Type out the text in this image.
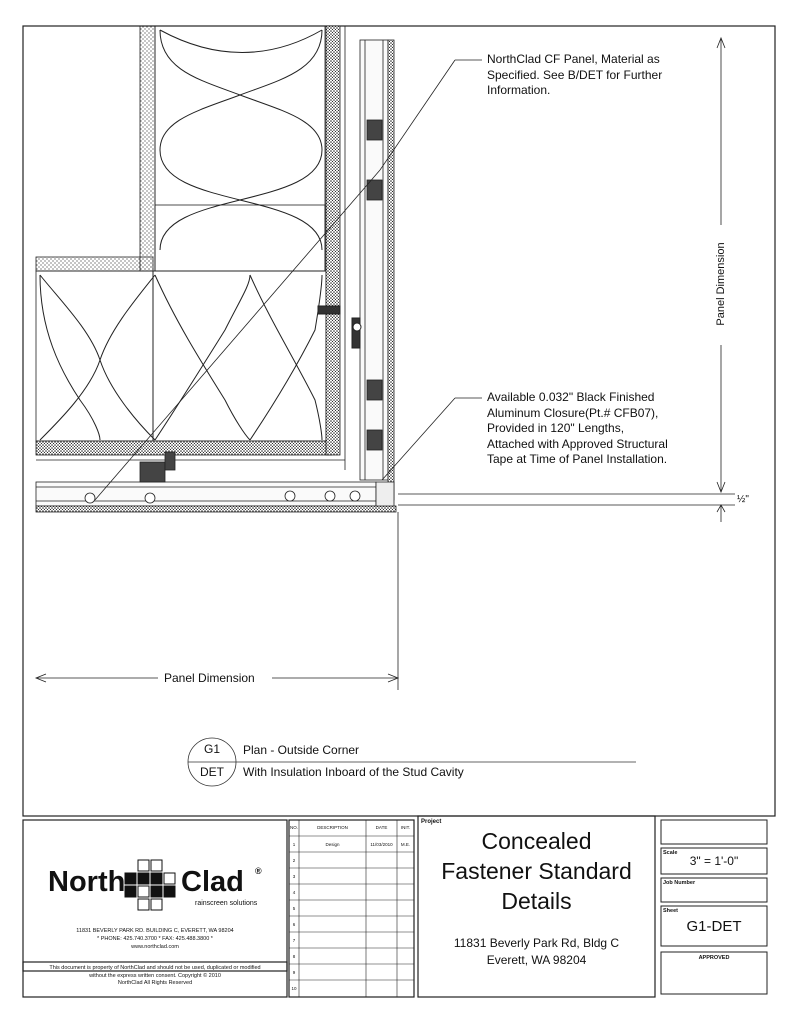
NorthClad CF Panel, Material as
Specified. See B/DET for Further
Information.
Available 0.032" Black Finished
Aluminum Closure(Pt.# CFB07),
Provided in 120" Lengths,
Attached with Approved Structural
Tape at Time of Panel Installation.
Panel Dimension
Panel Dimension
½"
G1
DET
Plan - Outside Corner
With Insulation Inboard of the Stud Cavity
North Clad ®
rainscreen solutions
11831 BEVERLY PARK RD. BUILDING C, EVERETT, WA 98204
* PHONE: 425.740.3700 * FAX: 425.488.3800 *
www.northclad.com
This document is property of NorthClad and should not be used, duplicated or modified
without the express written consent. Copyright © 2010
NorthClad All Rights Reserved
NO.	DESCRIPTION	DATE	INIT.
1	Design	11/03/2010	M.E.
2
3
4
5
6
7
8
9
10
Project
Concealed
Fastener Standard
Details
11831 Beverly Park Rd, Bldg C
Everett, WA 98204
Scale
3" = 1'-0"
Job Number
Sheet
G1-DET
APPROVED
